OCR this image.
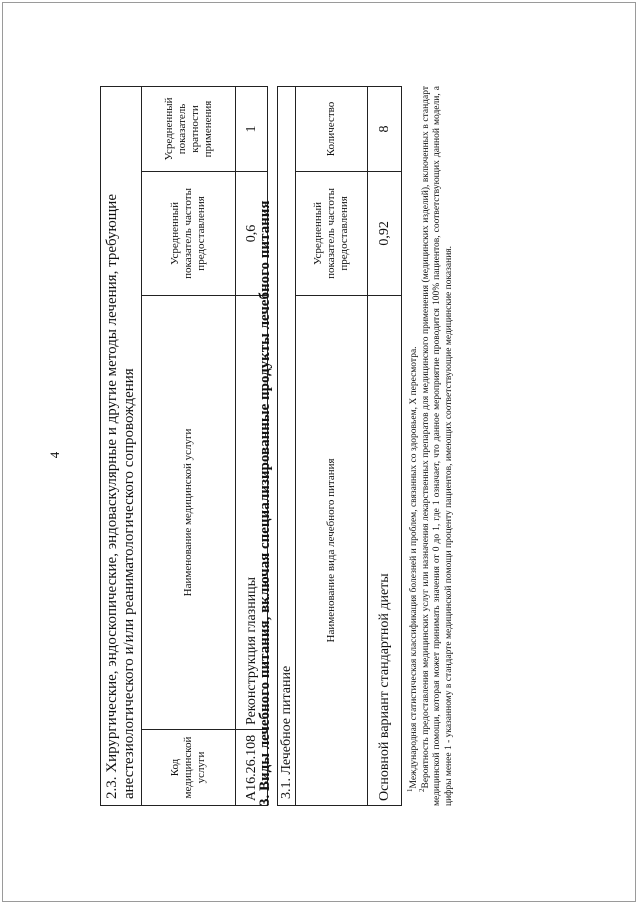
4	2.3. Хирургические, эндоскопические, эндоваскулярные и другие методы лечения, требующие анестезиологического и/или реаниматологического сопровождения			
Код медицинской услуги	Наименование медицинской услуги	Усредненный показатель частоты предоставления	Усредненный показатель кратности применения
A16.26.108	Реконструкция глазницы	0,6	1
3. Виды лечебного питания, включая специализированные продукты лечебного питания 3.1. Лечебное питание		
Наименование вида лечебного питания	Усредненный показатель частоты предоставления	Количество
Основной вариант стандартной диеты	0,92	8

$^1$Международная статистическая классификация болезней и проблем, связанных со здоровьем, X пересмотра.

$^2$Вероятность предоставления медицинских услуг или назначения лекарственных препаратов для медицинского применения (медицинских изделий), включенных в стандарт медицинской помощи, которая может принимать значения от 0 до 1, где 1 означает, что данное мероприятие проводится 100% пациентов, соответствующих данной модели, а цифры менее 1 - указанному в стандарте медицинской помощи проценту пациентов, имеющих соответствующие медицинские показания.
